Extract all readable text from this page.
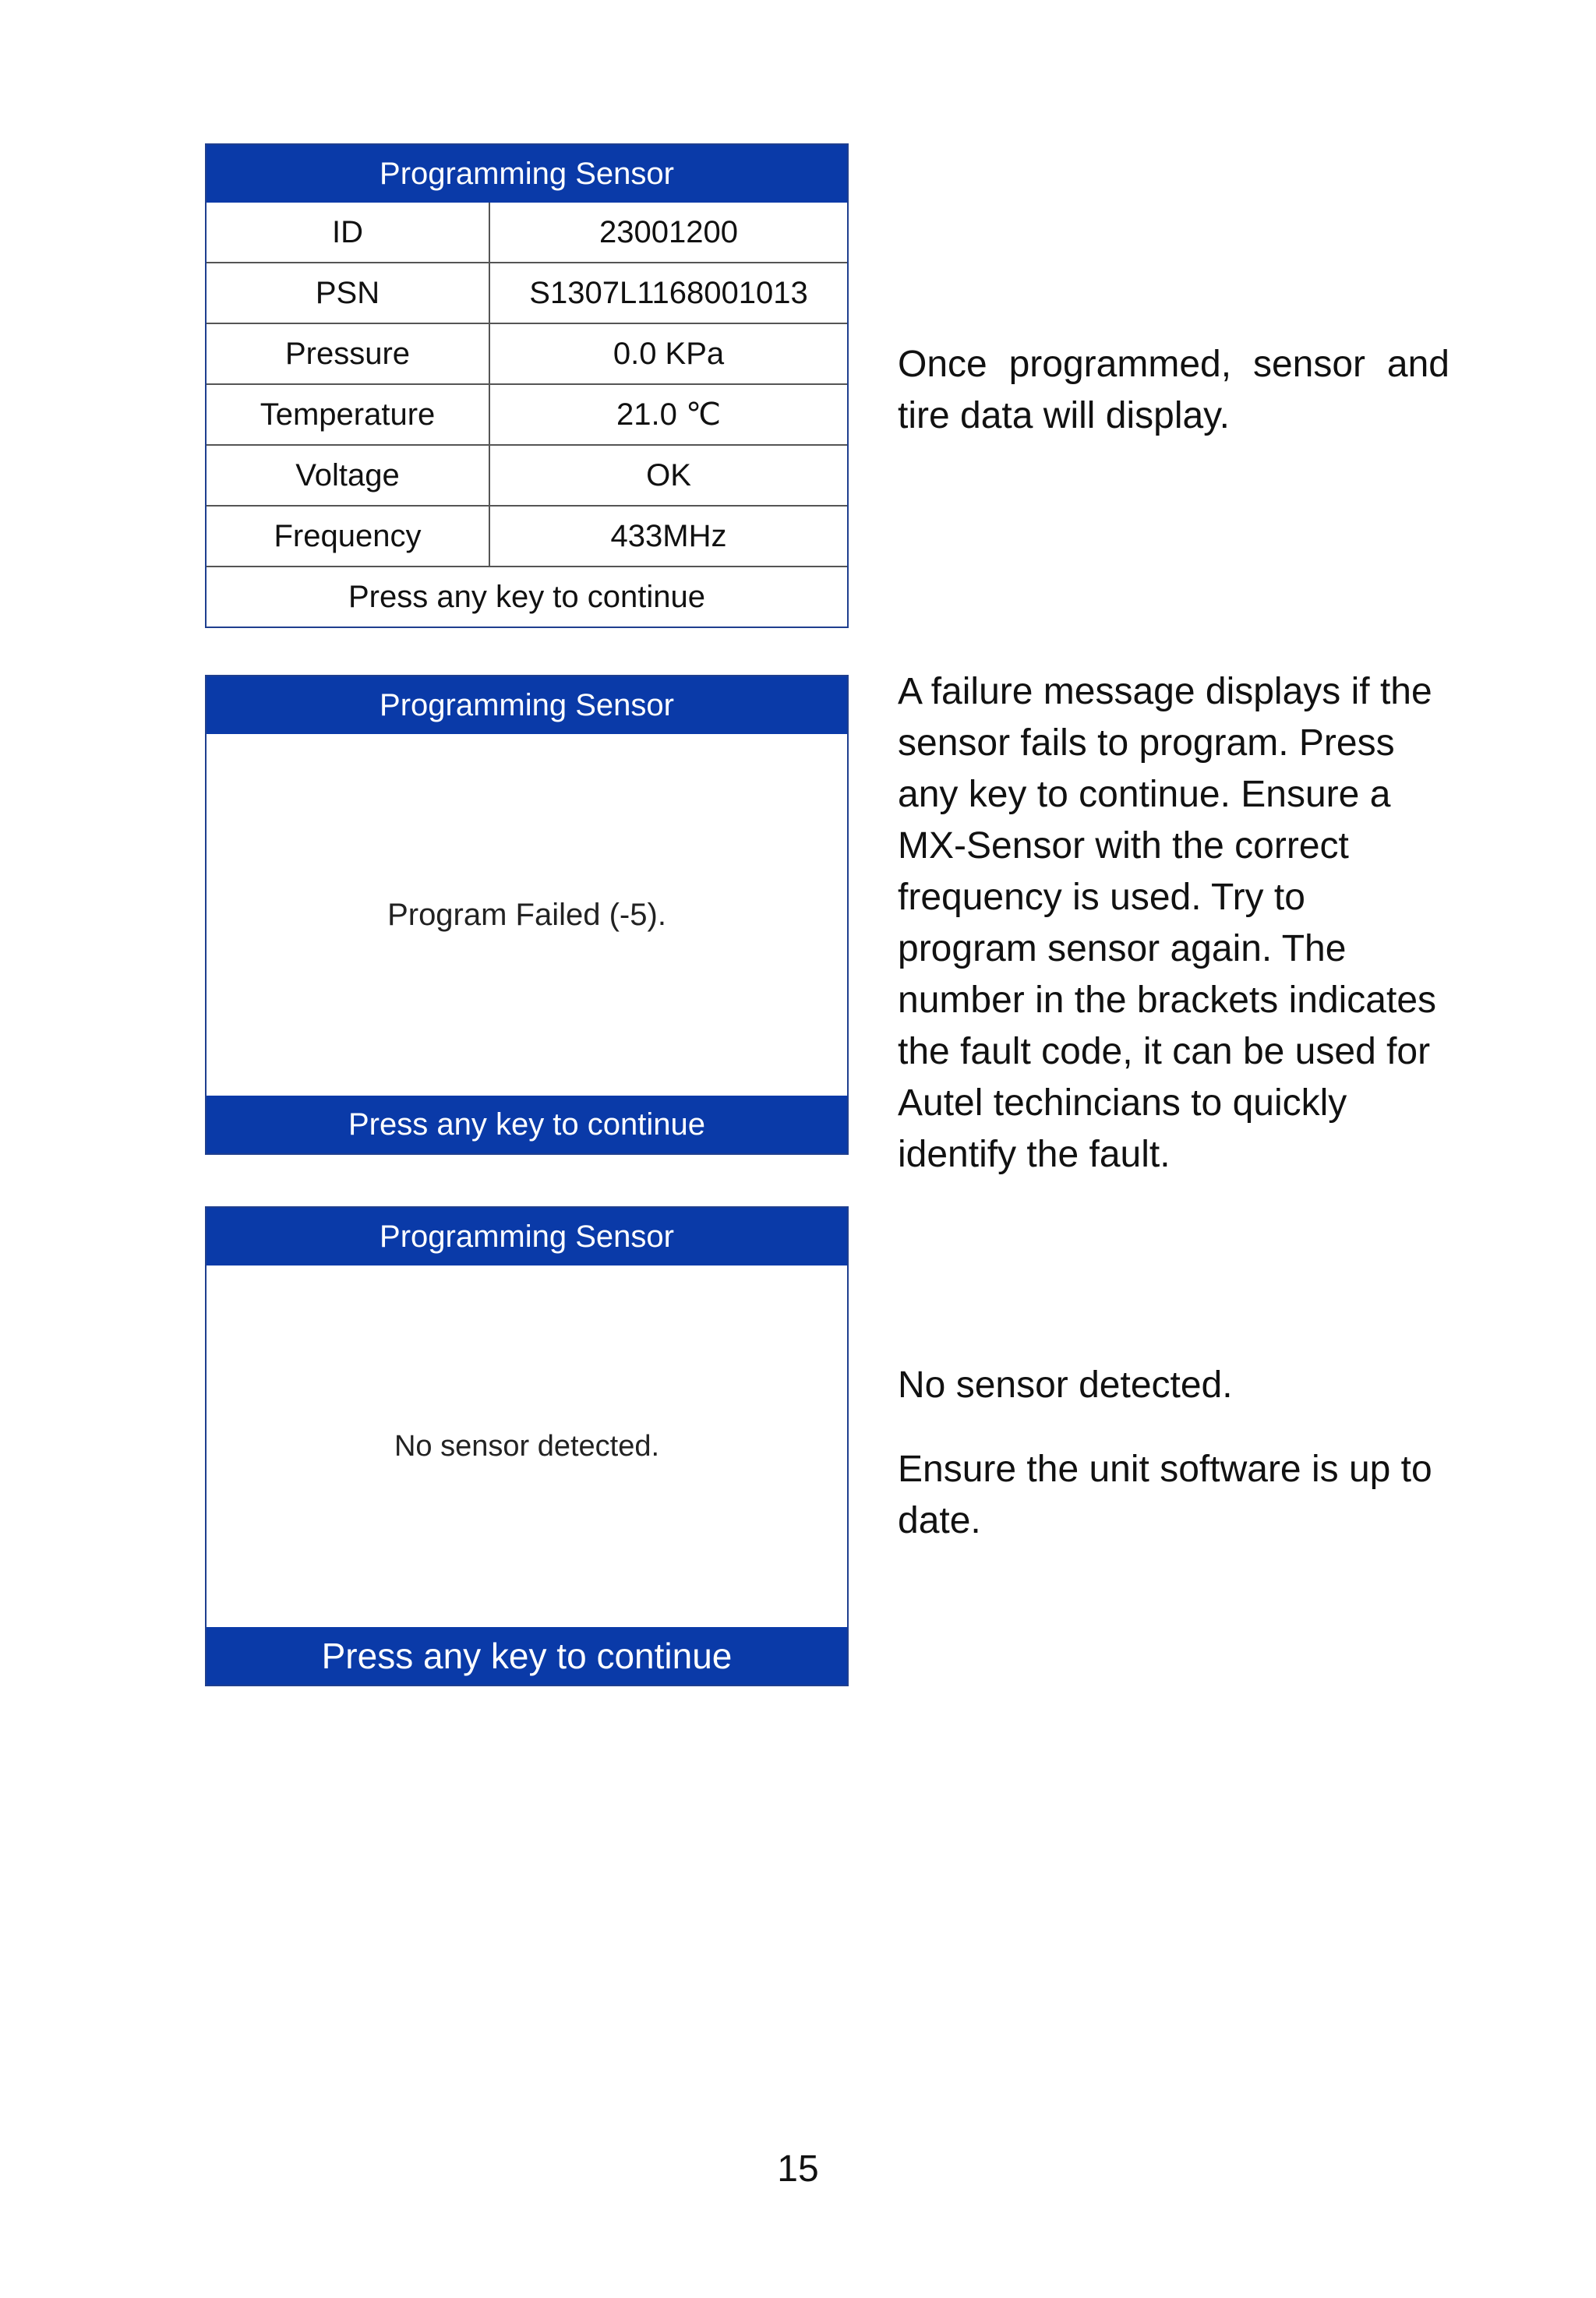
Programming Sensor
ID	23001200
PSN	S1307L1168001013
Pressure	0.0 KPa
Temperature	21.0 ℃
Voltage	OK
Frequency	433MHz
Press any key to continue	
Programming Sensor
Program Failed (-5).
Press any key to continue
Programming Sensor
No sensor detected.
Press any key to continue

Once programmed, sensor and tire data will display.

A failure message displays if the sensor fails to program. Press any key to continue. Ensure a MX-Sensor with the correct frequency is used. Try to program sensor again. The number in the brackets indicates the fault code, it can be used for Autel techincians to quickly identify the fault.

No sensor detected.

Ensure the unit software is up to date.

15
